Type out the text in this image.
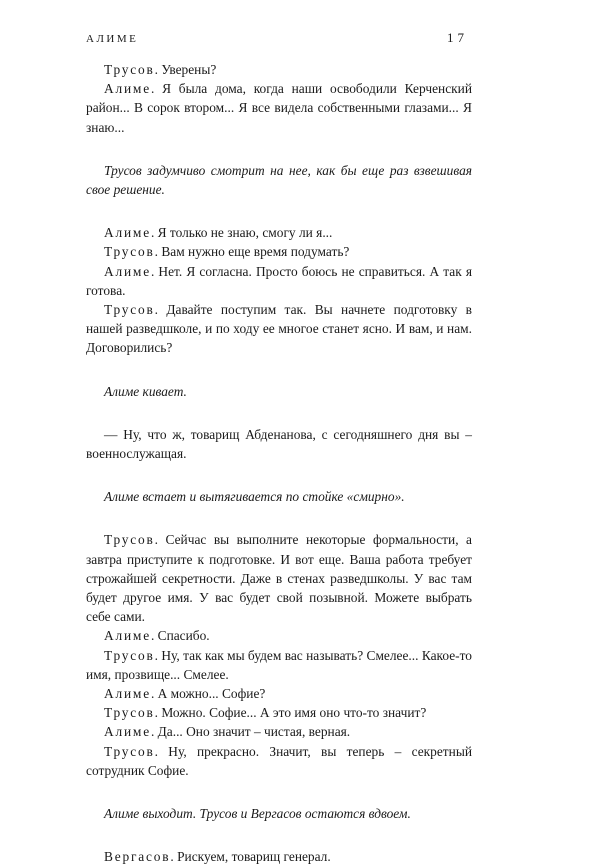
АЛИМЕ	17

Трусов. Уверены?

Алиме. Я была дома, когда наши освободили Керченский район... В сорок втором... Я все видела собственными глазами... Я знаю...

Трусов задумчиво смотрит на нее, как бы еще раз взвешивая свое решение.

Алиме. Я только не знаю, смогу ли я...

Трусов. Вам нужно еще время подумать?

Алиме. Нет. Я согласна. Просто боюсь не справиться. А так я готова.

Трусов. Давайте поступим так. Вы начнете подготовку в нашей разведшколе, и по ходу ее многое станет ясно. И вам, и нам. Договорились?

Алиме кивает.

— Ну, что ж, товарищ Абденанова, с сегодняшнего дня вы – военнослужащая.

Алиме встает и вытягивается по стойке «смирно».

Трусов. Сейчас вы выполните некоторые формальности, а завтра приступите к подготовке. И вот еще. Ваша работа требует строжайшей секретности. Даже в стенах разведшколы. У вас там будет другое имя. У вас будет свой позывной. Можете выбрать себе сами.

Алиме. Спасибо.

Трусов. Ну, так как мы будем вас называть? Смелее... Какое-то имя, прозвище... Смелее.

Алиме. А можно... Софие?

Трусов. Можно. Софие... А это имя оно что-то значит?

Алиме. Да... Оно значит – чистая, верная.

Трусов. Ну, прекрасно. Значит, вы теперь – секретный сотрудник Софие.

Алиме выходит. Трусов и Вергасов остаются вдвоем.

Вергасов. Рискуем, товарищ генерал.
